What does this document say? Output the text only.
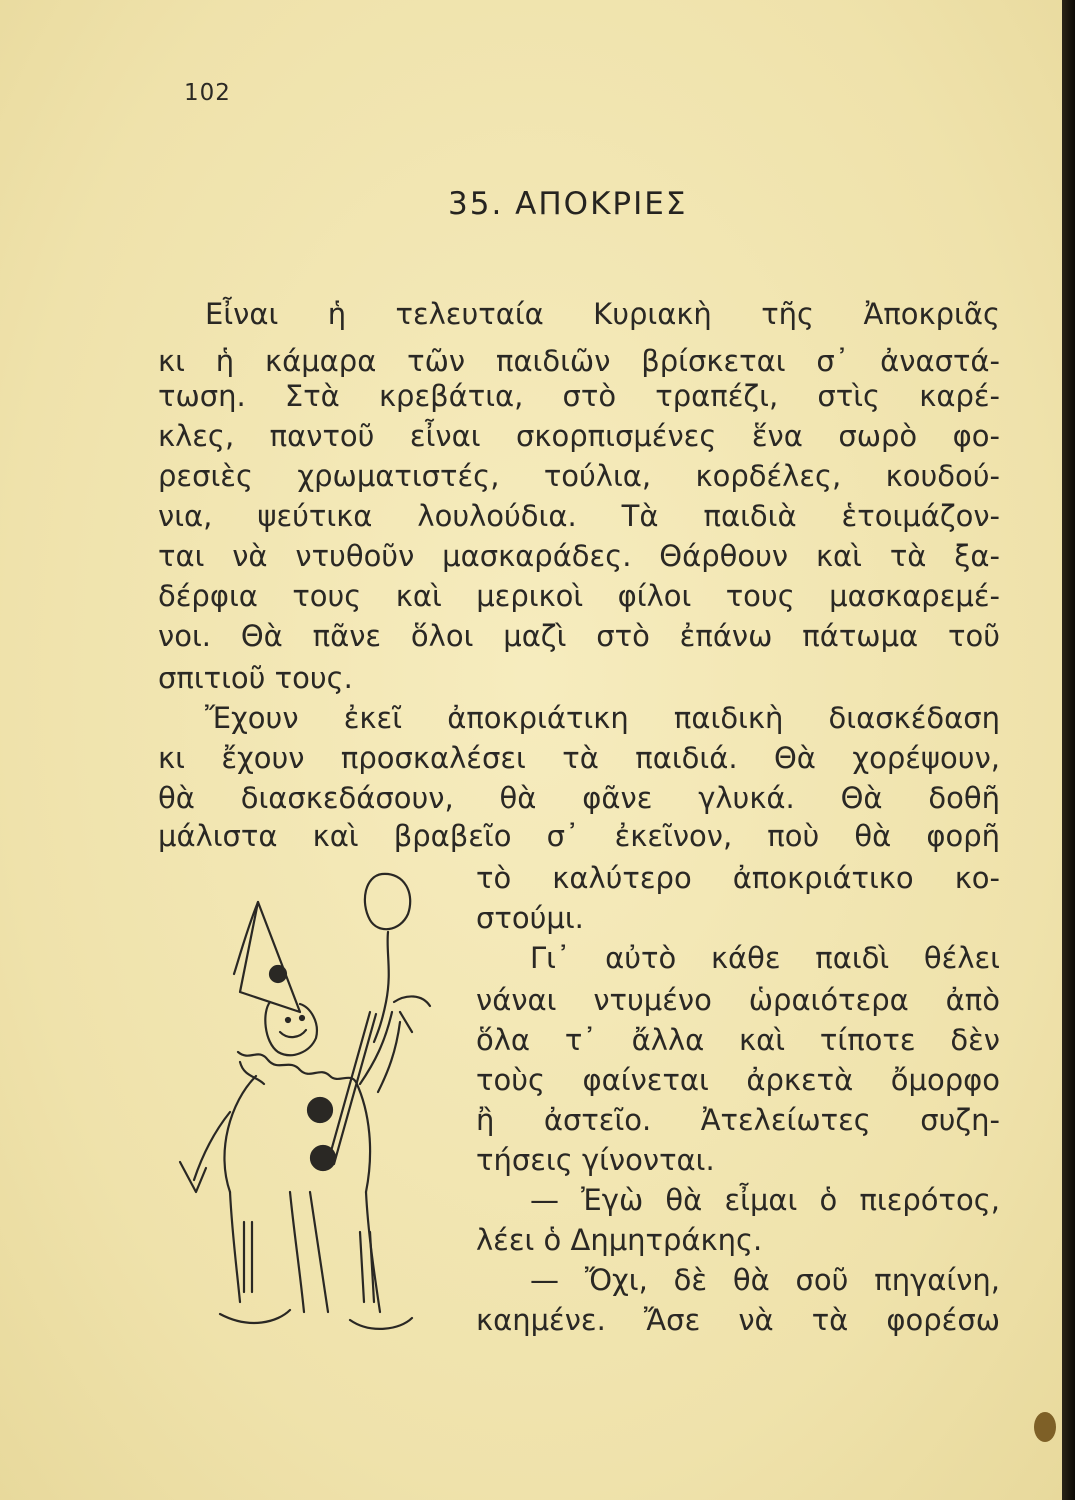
102
35. ΑΠΟΚΡΙΕΣ
Εἶναι ἡ τελευταία Κυριακὴ τῆς Ἀποκριᾶς
κι ἡ κάμαρα τῶν παιδιῶν βρίσκεται σ᾿ ἀναστά-
τωση. Στὰ κρεβάτια, στὸ τραπέζι, στὶς καρέ-
κλες, παντοῦ εἶναι σκορπισμένες ἕνα σωρὸ φο-
ρεσιὲς χρωματιστές, τούλια, κορδέλες, κουδού-
νια, ψεύτικα λουλούδια. Τὰ παιδιὰ ἑτοιμάζον-
ται νὰ ντυθοῦν μασκαράδες. Θάρθουν καὶ τὰ ξα-
δέρφια τους καὶ μερικοὶ φίλοι τους μασκαρεμέ-
νοι. Θὰ πᾶνε ὅλοι μαζὶ στὸ ἐπάνω πάτωμα τοῦ
σπιτιοῦ τους.
Ἔχουν ἐκεῖ ἀποκριάτικη παιδικὴ διασκέδαση
κι ἔχουν προσκαλέσει τὰ παιδιά. Θὰ χορέψουν,
θὰ διασκεδάσουν, θὰ φᾶνε γλυκά. Θὰ δοθῆ
μάλιστα καὶ βραβεῖο σ᾿ ἐκεῖνον, ποὺ θὰ φορῆ
τὸ καλύτερο ἀποκριάτικο κο-
στούμι.
Γι᾿ αὐτὸ κάθε παιδὶ θέλει
νάναι ντυμένο ὡραιότερα ἀπὸ
ὅλα τ᾿ ἄλλα καὶ τίποτε δὲν
τοὺς φαίνεται ἀρκετὰ ὄμορφο
ἢ ἀστεῖο. Ἀτελείωτες συζη-
τήσεις γίνονται.
— Ἐγὼ θὰ εἶμαι ὁ πιερότος,
λέει ὁ Δημητράκης.
— Ὄχι, δὲ θὰ σοῦ πηγαίνη,
καημένε. Ἄσε νὰ τὰ φορέσω
